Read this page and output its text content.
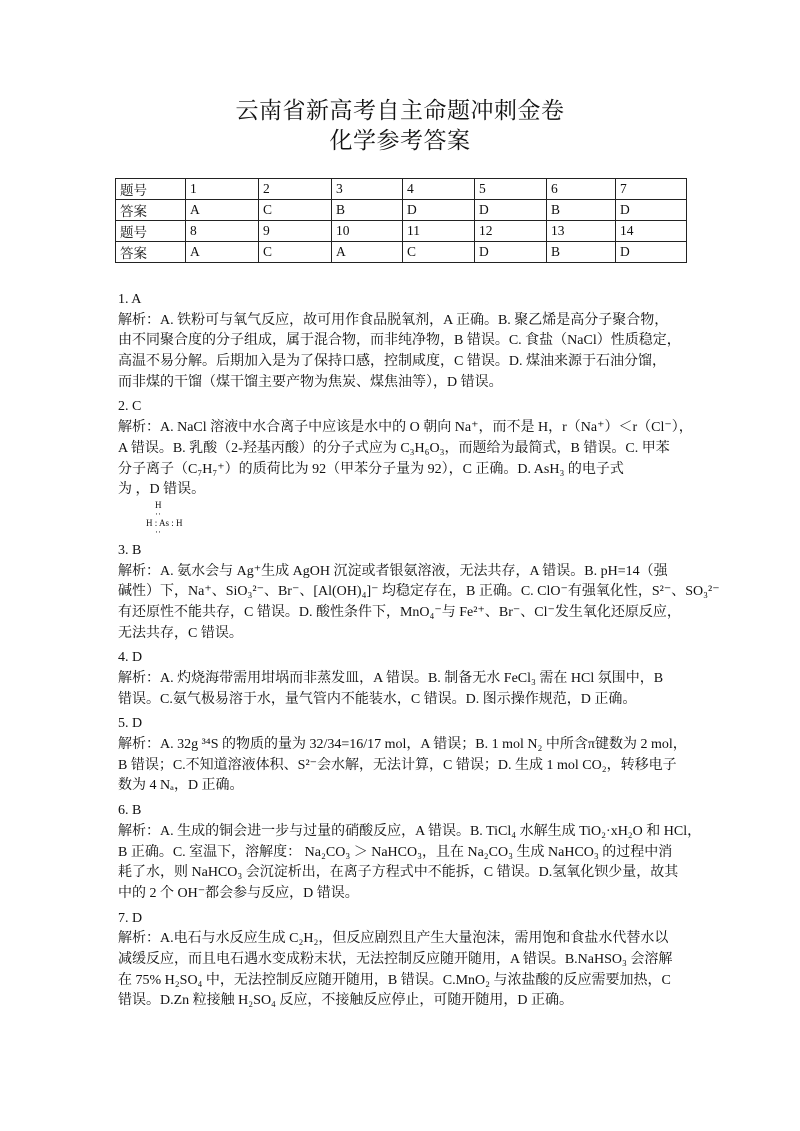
云南省新高考自主命题冲刺金卷
化学参考答案
题号	1	2	3	4	5	6	7
答案	A	C	B	D	D	B	D
题号	8	9	10	11	12	13	14
答案	A	C	A	C	D	B	D
1. A
解析：A. 铁粉可与氧气反应，故可用作食品脱氧剂，A 正确。B. 聚乙烯是高分子聚合物，
由不同聚合度的分子组成，属于混合物，而非纯净物，B 错误。C. 食盐（NaCl）性质稳定，
高温不易分解。后期加入是为了保持口感，控制咸度，C 错误。D. 煤油来源于石油分馏，
而非煤的干馏（煤干馏主要产物为焦炭、煤焦油等），D 错误。
2. C
解析：A. NaCl 溶液中水合离子中应该是水中的 O 朝向 Na⁺，而不是 H，r（Na⁺）＜r（Cl⁻），
A 错误。B. 乳酸（2-羟基丙酸）的分子式应为 C₃H₆O₃，而题给为最简式，B 错误。C. 甲苯
分子离子（C₇H₇⁺）的质荷比为 92（甲苯分子量为 92），C 正确。D. AsH₃ 的电子式
为 ，D 错误。
H
··
H : As : H
··
3. B
解析：A. 氨水会与 Ag⁺生成 AgOH 沉淀或者银氨溶液，无法共存，A 错误。B. pH=14（强
碱性）下，Na⁺、SiO₃²⁻、Br⁻、[Al(OH)₄]⁻ 均稳定存在，B 正确。C. ClO⁻有强氧化性，S²⁻、SO₃²⁻
有还原性不能共存，C 错误。D. 酸性条件下，MnO₄⁻与 Fe²⁺、Br⁻、Cl⁻发生氧化还原反应，
无法共存，C 错误。
4. D
解析：A. 灼烧海带需用坩埚而非蒸发皿，A 错误。B. 制备无水 FeCl₃ 需在 HCl 氛围中，B
错误。C.氨气极易溶于水，量气管内不能装水，C 错误。D. 图示操作规范，D 正确。
5. D
解析：A. 32g ³⁴S 的物质的量为 32/34=16/17 mol，A 错误；B. 1 mol N₂ 中所含π键数为 2 mol，
B 错误；C.不知道溶液体积、S²⁻会水解，无法计算，C 错误；D. 生成 1 mol CO₂，转移电子
数为 4 Nₐ，D 正确。
6. B
解析：A. 生成的铜会进一步与过量的硝酸反应，A 错误。B. TiCl₄ 水解生成 TiO₂·xH₂O 和 HCl，
B 正确。C. 室温下，溶解度： Na₂CO₃ ＞ NaHCO₃，且在 Na₂CO₃ 生成 NaHCO₃ 的过程中消
耗了水，则 NaHCO₃ 会沉淀析出，在离子方程式中不能拆，C 错误。D.氢氧化钡少量，故其
中的 2 个 OH⁻都会参与反应，D 错误。
7. D
解析：A.电石与水反应生成 C₂H₂，但反应剧烈且产生大量泡沫，需用饱和食盐水代替水以
减缓反应，而且电石遇水变成粉末状，无法控制反应随开随用，A 错误。B.NaHSO₃ 会溶解
在 75% H₂SO₄ 中，无法控制反应随开随用，B 错误。C.MnO₂ 与浓盐酸的反应需要加热，C
错误。D.Zn 粒接触 H₂SO₄ 反应，不接触反应停止，可随开随用，D 正确。
